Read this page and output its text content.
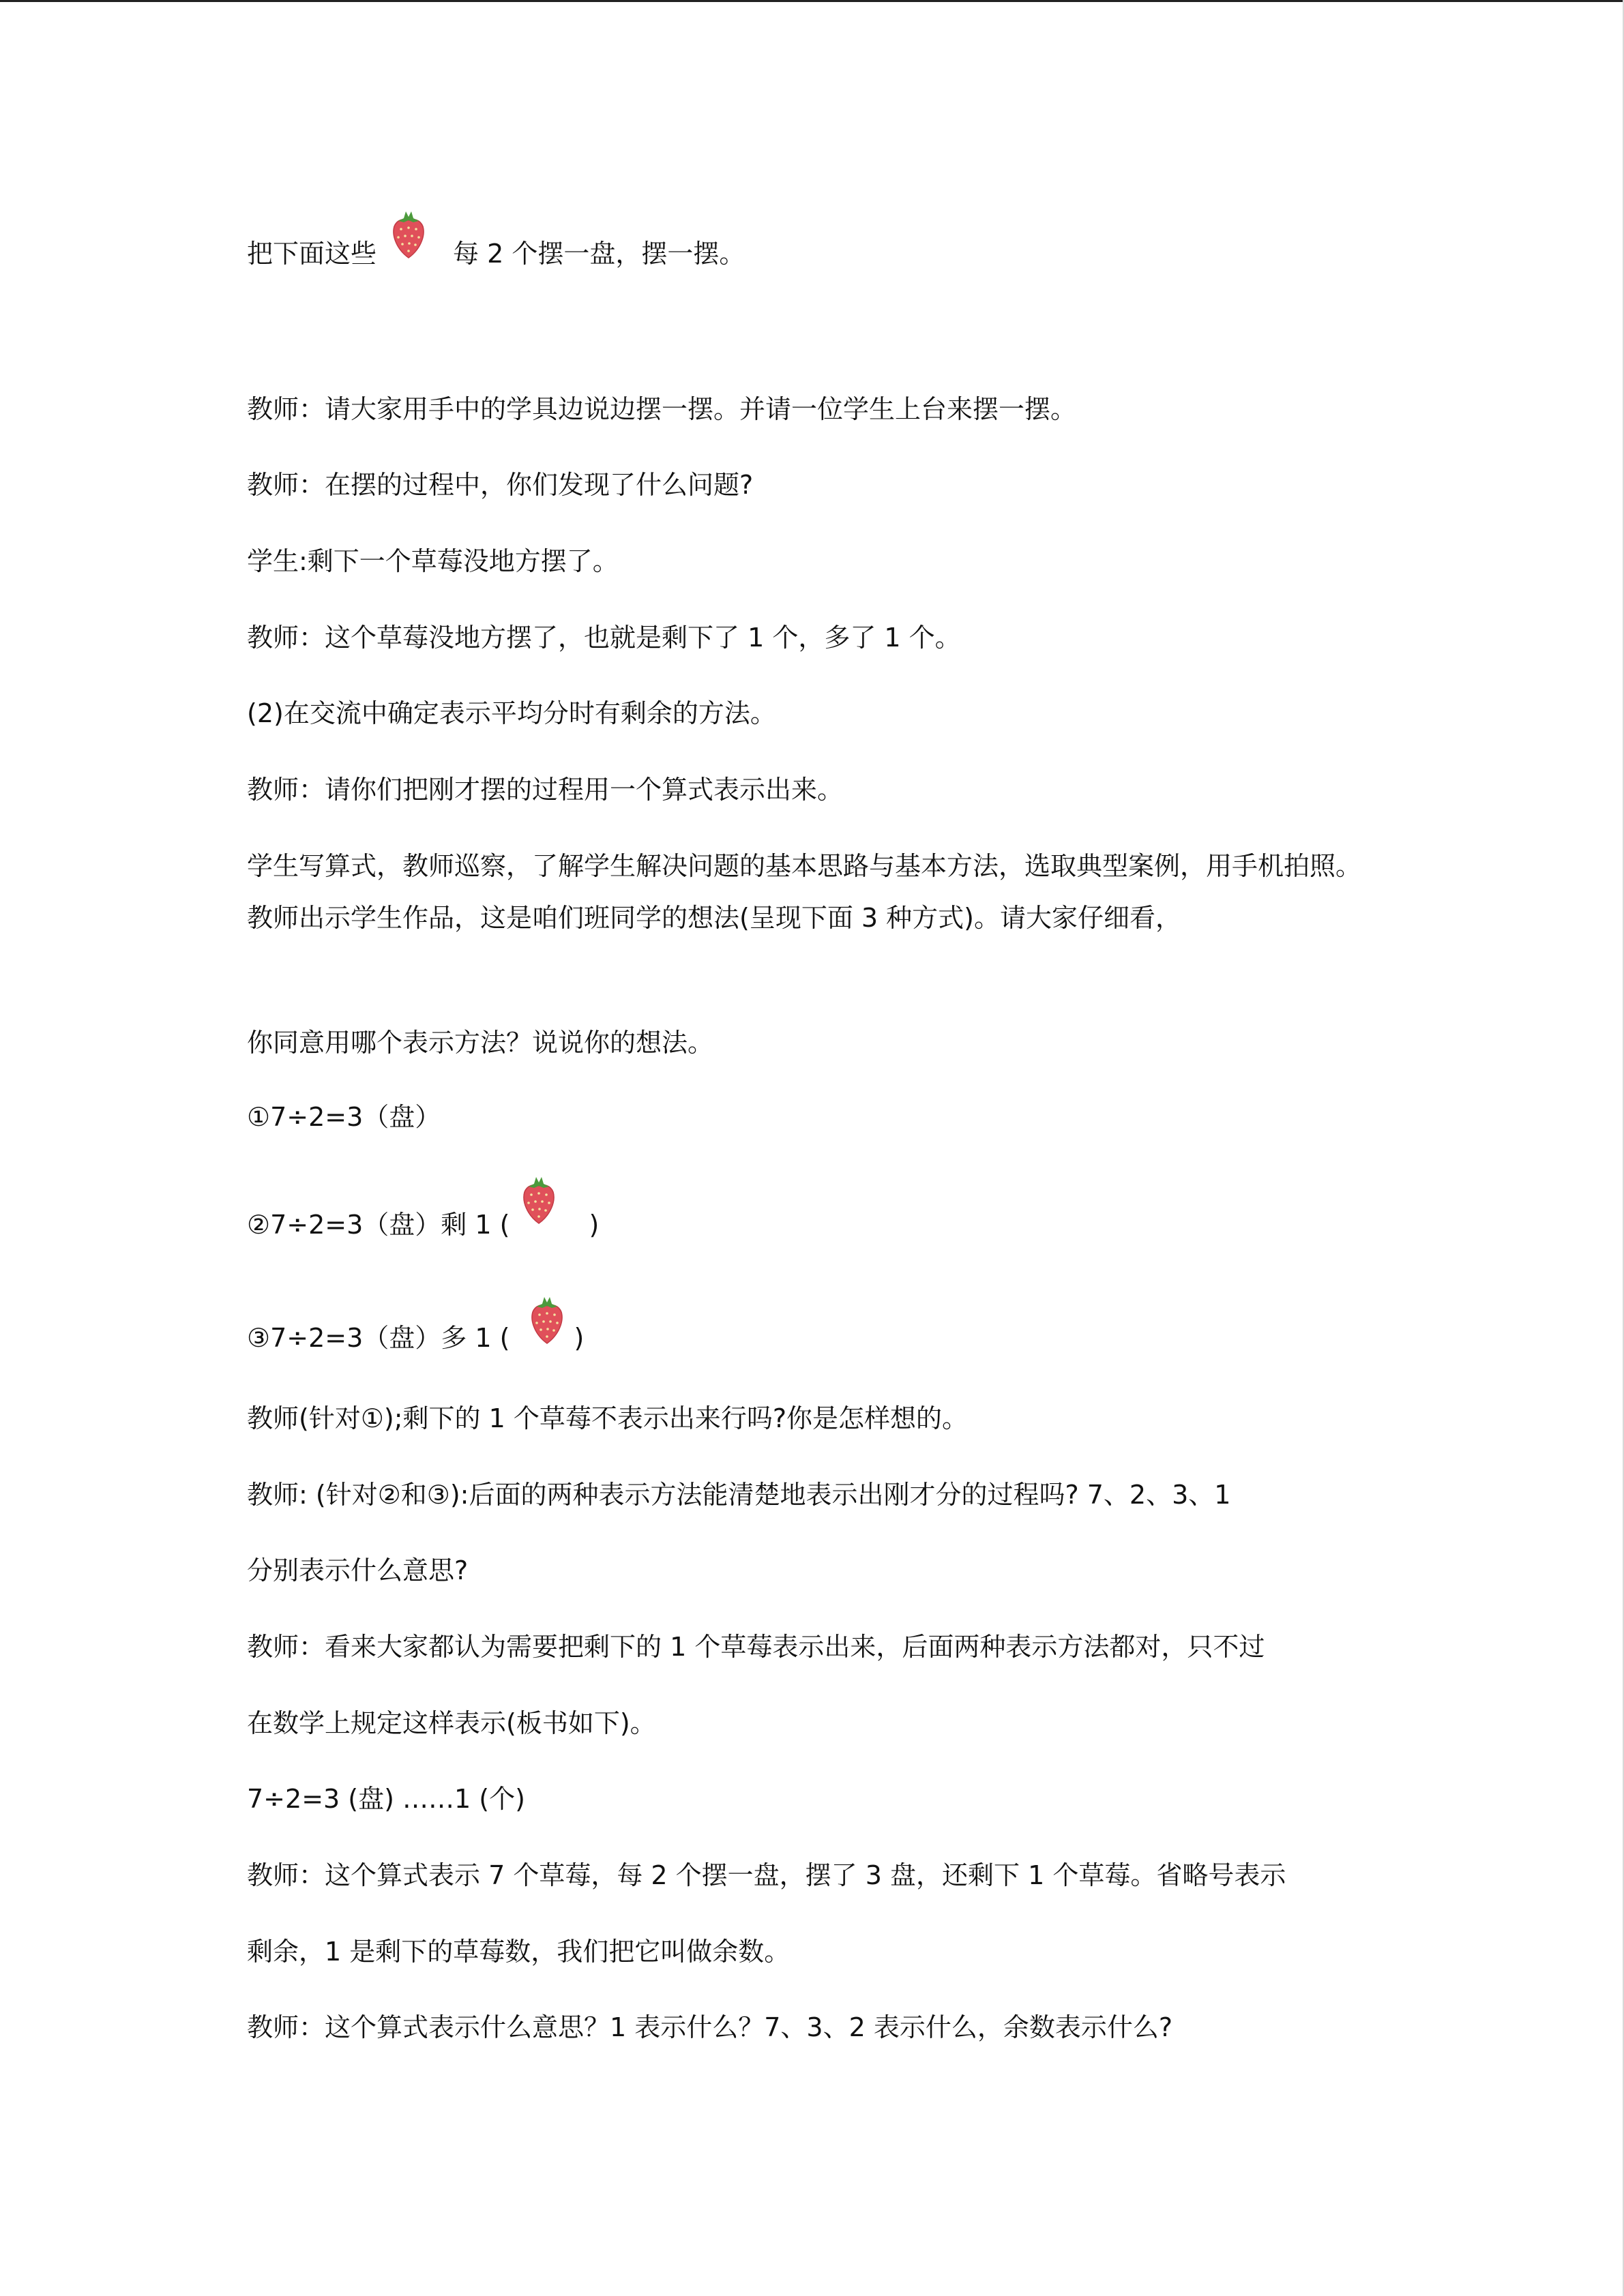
把下面这些	每 2 个摆一盘，摆一摆。
教师：请大家用手中的学具边说边摆一摆。并请一位学生上台来摆一摆。
教师：在摆的过程中，你们发现了什么问题?
学生:剩下一个草莓没地方摆了。
教师：这个草莓没地方摆了，也就是剩下了 1 个，多了 1 个。
(2)在交流中确定表示平均分时有剩余的方法。
教师：请你们把刚才摆的过程用一个算式表示出来。
学生写算式，教师巡察，了解学生解决问题的基本思路与基本方法，选取典型案例，用手机拍照。教师出示学生作品，这是咱们班同学的想法(呈现下面 3 种方式)。请大家仔细看，
你同意用哪个表示方法？说说你的想法。
①7÷2=3（盘）
②7÷2=3（盘）剩 1 (	)
③7÷2=3（盘）多 1 ( )
教师(针对①);剩下的 1 个草莓不表示出来行吗?你是怎样想的。
教师: (针对②和③):后面的两种表示方法能清楚地表示出刚才分的过程吗? 7、2、3、1
分别表示什么意思?
教师：看来大家都认为需要把剩下的 1 个草莓表示出来，后面两种表示方法都对，只不过
在数学上规定这样表示(板书如下)。
7÷2=3 (盘) ……1 (个)
教师：这个算式表示 7 个草莓，每 2 个摆一盘，摆了 3 盘，还剩下 1 个草莓。省略号表示
剩余，1 是剩下的草莓数，我们把它叫做余数。
教师：这个算式表示什么意思？1 表示什么？7、3、2 表示什么，余数表示什么?
